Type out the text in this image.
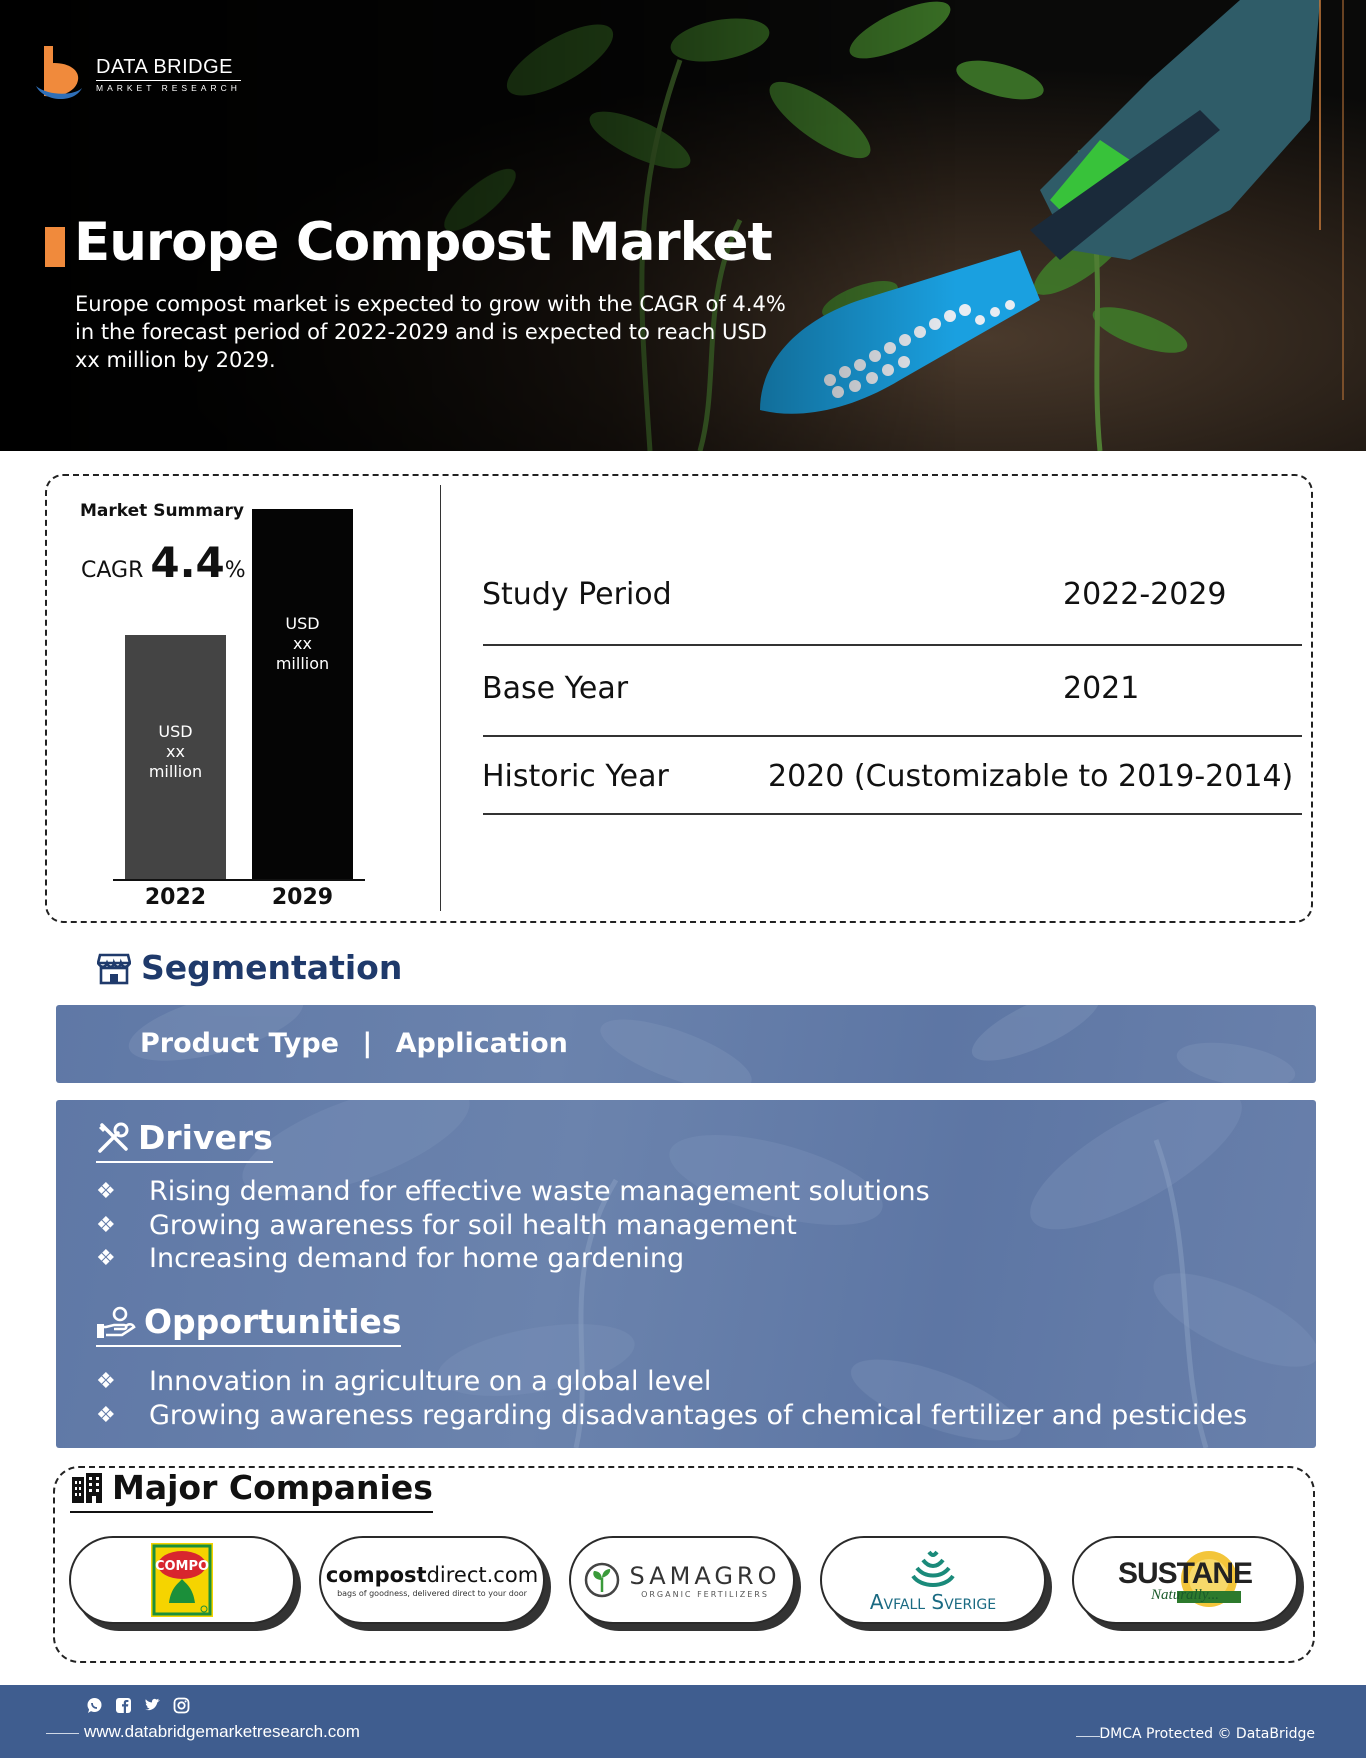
DATA BRIDGE
MARKET RESEARCH
Europe Compost Market
Europe compost market is expected to grow with the CAGR of 4.4% in the forecast period of 2022-2029 and is expected to reach USD xx million by 2029.
Market Summary
CAGR 4.4%
USD
xx
million
2022
USD
xx
million
2029
Study Period	2022-2029
Base Year	2021
Historic Year	2020 (Customizable to 2019-2014)
Segmentation
Product Type | Application
Drivers
❖	Rising demand for effective waste management solutions
❖	Growing awareness for soil health management
❖	Increasing demand for home gardening
Opportunities
❖	Innovation in agriculture on a global level
❖	Growing awareness regarding disadvantages of chemical fertilizer and pesticides
Major Companies
COMPO	compostdirect.com
bags of goodness, delivered direct to your door
SAMAGRO
ORGANIC FERTILIZERS	Avfall Sverige
SUSTANE
Naturally...
www.databridgemarketresearch.com	DMCA Protected © DataBridge
